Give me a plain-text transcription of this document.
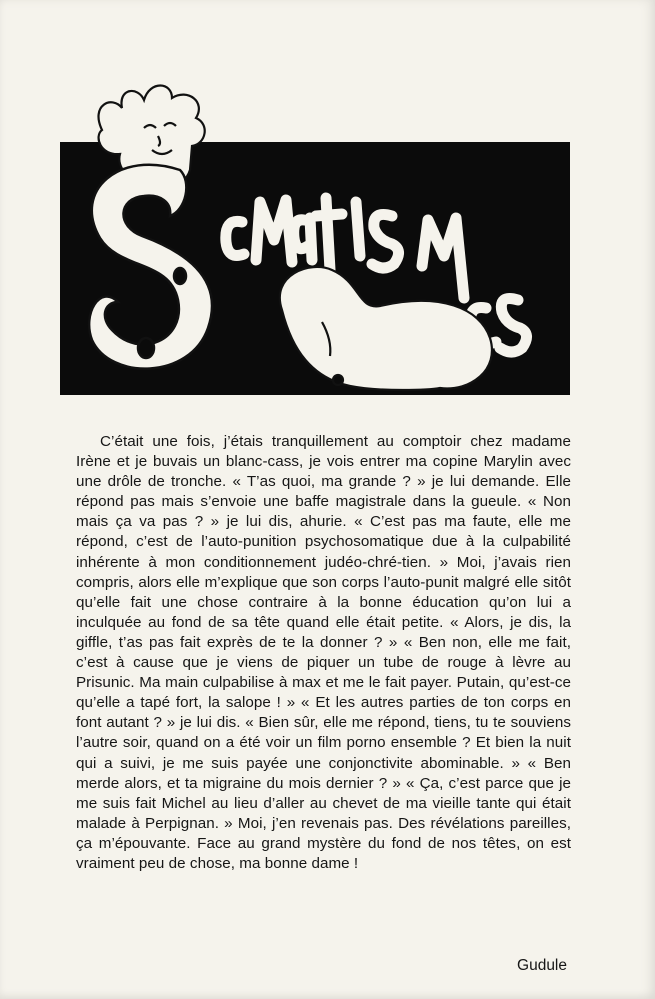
C’était une fois, j’étais tranquillement au comptoir chez madame Irène et je buvais un blanc-cass, je vois entrer ma copine Marylin avec une drôle de tronche. « T’as quoi, ma grande ? » je lui demande. Elle répond pas mais s’envoie une baffe magistrale dans la gueule. « Non mais ça va pas ? » je lui dis, ahurie. « C’est pas ma faute, elle me répond, c’est de l’auto-punition psychosomatique due à la culpabilité inhérente à mon conditionnement judéo-chré-tien. » Moi, j’avais rien compris, alors elle m’explique que son corps l’auto-punit malgré elle sitôt qu’elle fait une chose contraire à la bonne éducation qu’on lui a inculquée au fond de sa tête quand elle était petite. « Alors, je dis, la giffle, t’as pas fait exprès de te la donner ? » « Ben non, elle me fait, c’est à cause que je viens de piquer un tube de rouge à lèvre au Prisunic. Ma main culpabilise à max et me le fait payer. Putain, qu’est-ce qu’elle a tapé fort, la salope ! » « Et les autres parties de ton corps en font autant ? » je lui dis. « Bien sûr, elle me répond, tiens, tu te souviens l’autre soir, quand on a été voir un film porno ensemble ? Et bien la nuit qui a suivi, je me suis payée une conjonctivite abominable. » « Ben merde alors, et ta migraine du mois dernier ? » « Ça, c’est parce que je me suis fait Michel au lieu d’aller au chevet de ma vieille tante qui était malade à Perpignan. » Moi, j’en revenais pas. Des révélations pareilles, ça m’épouvante. Face au grand mystère du fond de nos têtes, on est vraiment peu de chose, ma bonne dame !

Gudule
